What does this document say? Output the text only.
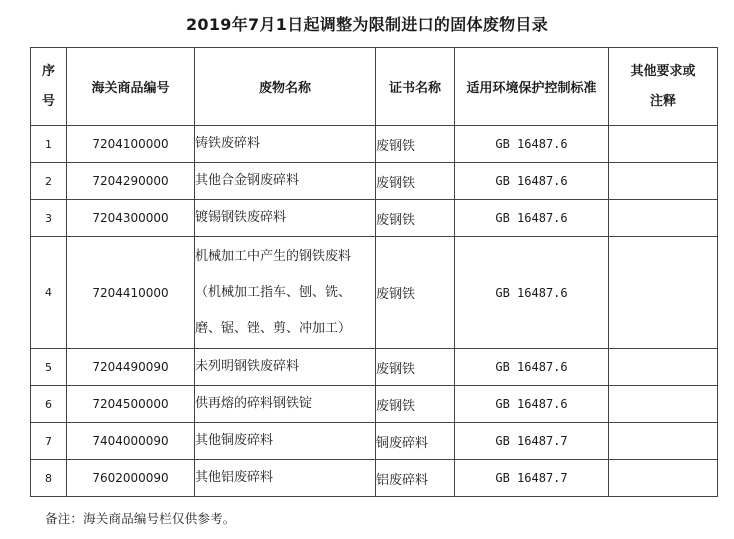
2019年7月1日起调整为限制进口的固体废物目录
序
号	海关商品编号	废物名称	证书名称	适用环境保护控制标准	其他要求或
注释

1	7204100000	铸铁废碎料	废钢铁	GB 16487.6	
2	7204290000	其他合金钢废碎料	废钢铁	GB 16487.6	
3	7204300000	镀锡钢铁废碎料	废钢铁	GB 16487.6	
4	7204410000	机械加工中产生的钢铁废料
（机械加工指车、刨、铣、
磨、锯、锉、剪、冲加工）	废钢铁	GB 16487.6	
5	7204490090	未列明钢铁废碎料	废钢铁	GB 16487.6	
6	7204500000	供再熔的碎料钢铁锭	废钢铁	GB 16487.6	
7	7404000090	其他铜废碎料	铜废碎料	GB 16487.7	
8	7602000090	其他铝废碎料	铝废碎料	GB 16487.7	
备注：海关商品编号栏仅供参考。
